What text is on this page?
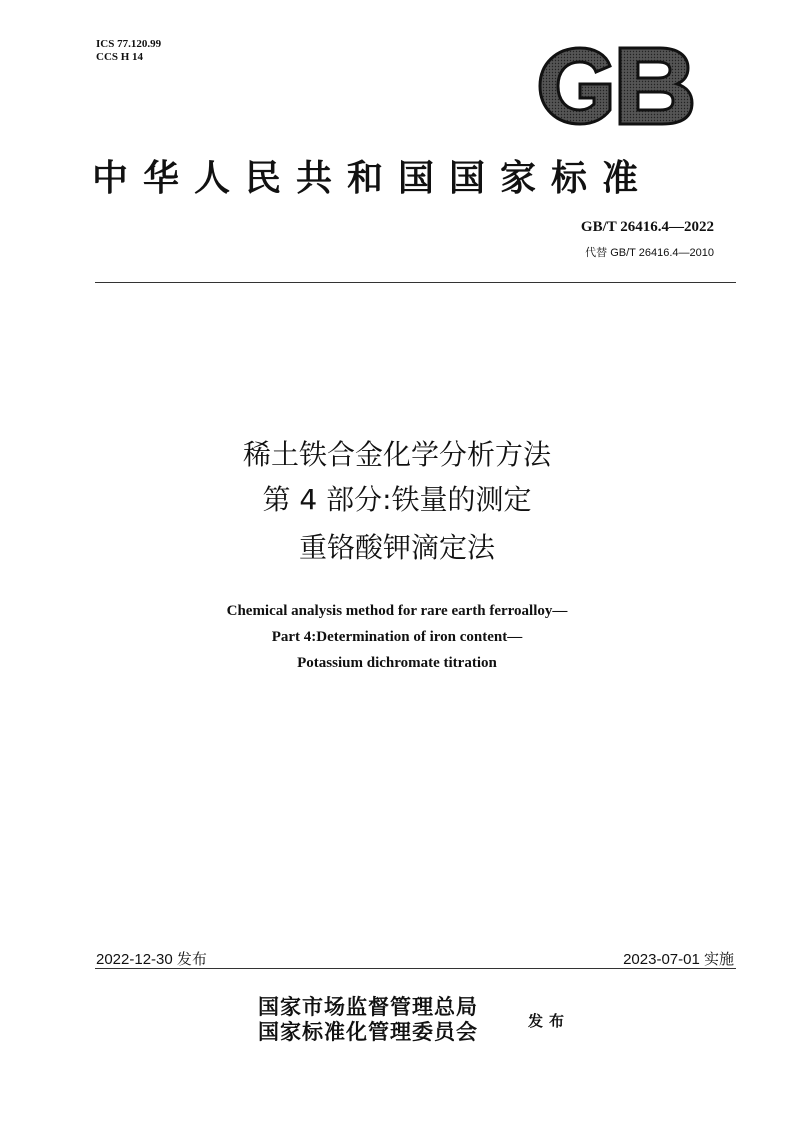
ICS 77.120.99
CCS H 14
中华人民共和国国家标准
GB/T 26416.4—2022
代替 GB/T 26416.4—2010
稀土铁合金化学分析方法
第 4 部分:铁量的测定
重铬酸钾滴定法
Chemical analysis method for rare earth ferroalloy—
Part 4:Determination of iron content—
Potassium dichromate titration
2022-12-30 发布	2023-07-01 实施
国家市场监督管理总局
国家标准化管理委员会	发布
